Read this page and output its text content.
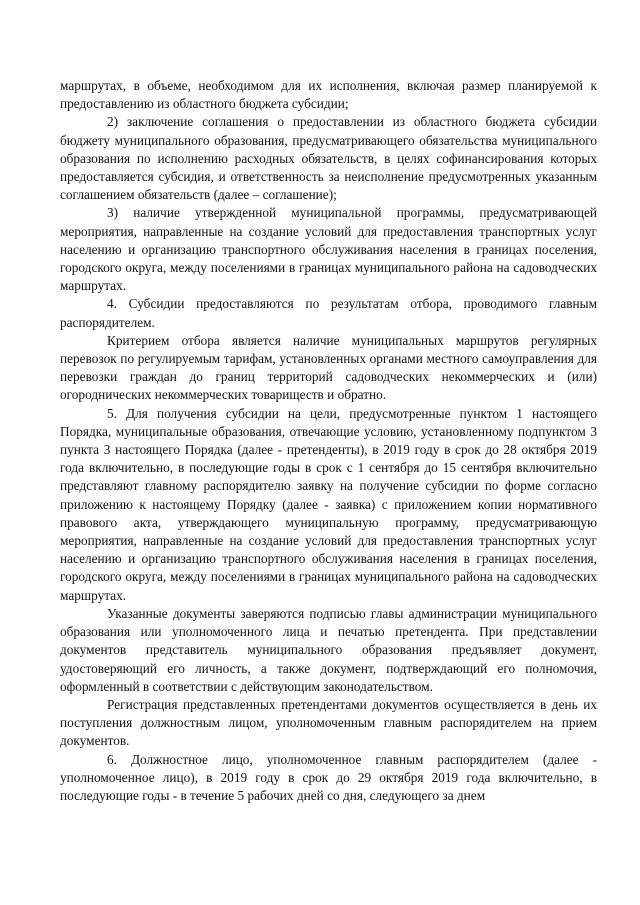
маршрутах, в объеме, необходимом для их исполнения, включая размер планируемой к предоставлению из областного бюджета субсидии;

2) заключение соглашения о предоставлении из областного бюджета субсидии бюджету муниципального образования, предусматривающего обязательства муниципального образования по исполнению расходных обязательств, в целях софинансирования которых предоставляется субсидия, и ответственность за неисполнение предусмотренных указанным соглашением обязательств (далее – соглашение);

3) наличие утвержденной муниципальной программы, предусматривающей мероприятия, направленные на создание условий для предоставления транспортных услуг населению и организацию транспортного обслуживания населения в границах поселения, городского округа, между поселениями в границах муниципального района на садоводческих маршрутах.

4. Субсидии предоставляются по результатам отбора, проводимого главным распорядителем.

Критерием отбора является наличие муниципальных маршрутов регулярных перевозок по регулируемым тарифам, установленных органами местного самоуправления для перевозки граждан до границ территорий садоводческих некоммерческих и (или) огороднических некоммерческих товариществ и обратно.

5. Для получения субсидии на цели, предусмотренные пунктом 1 настоящего Порядка, муниципальные образования, отвечающие условию, установленному подпунктом 3 пункта 3 настоящего Порядка (далее - претенденты), в 2019 году в срок до 28 октября 2019 года включительно, в последующие годы в срок с 1 сентября до 15 сентября включительно представляют главному распорядителю заявку на получение субсидии по форме согласно приложению к настоящему Порядку (далее - заявка) с приложением копии нормативного правового акта, утверждающего муниципальную программу, предусматривающую мероприятия, направленные на создание условий для предоставления транспортных услуг населению и организацию транспортного обслуживания населения в границах поселения, городского округа, между поселениями в границах муниципального района на садоводческих маршрутах.

Указанные документы заверяются подписью главы администрации муниципального образования или уполномоченного лица и печатью претендента. При представлении документов представитель муниципального образования предъявляет документ, удостоверяющий его личность, а также документ, подтверждающий его полномочия, оформленный в соответствии с действующим законодательством.

Регистрация представленных претендентами документов осуществляется в день их поступления должностным лицом, уполномоченным главным распорядителем на прием документов.

6. Должностное лицо, уполномоченное главным распорядителем (далее - уполномоченное лицо), в 2019 году в срок до 29 октября 2019 года включительно, в последующие годы - в течение 5 рабочих дней со дня, следующего за днем
